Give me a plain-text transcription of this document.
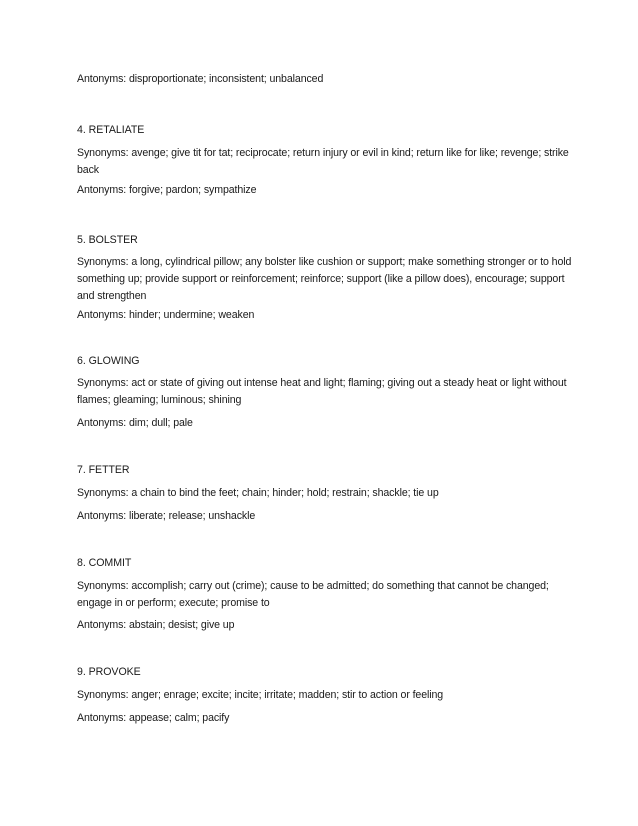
Antonyms: disproportionate; inconsistent; unbalanced

4. RETALIATE

Synonyms: avenge; give tit for tat; reciprocate; return injury or evil in kind; return like for like; revenge; strike back

Antonyms: forgive; pardon; sympathize

5. BOLSTER

Synonyms: a long, cylindrical pillow; any bolster like cushion or support; make something stronger or to hold something up; provide support or reinforcement; reinforce; support (like a pillow does), encourage; support and strengthen

Antonyms: hinder; undermine; weaken

6. GLOWING

Synonyms: act or state of giving out intense heat and light; flaming; giving out a steady heat or light without flames; gleaming; luminous; shining

Antonyms: dim; dull; pale

7. FETTER

Synonyms: a chain to bind the feet; chain; hinder; hold; restrain; shackle; tie up

Antonyms: liberate; release; unshackle

8. COMMIT

Synonyms: accomplish; carry out (crime); cause to be admitted; do something that cannot be changed; engage in or perform; execute; promise to

Antonyms: abstain; desist; give up

9. PROVOKE

Synonyms: anger; enrage; excite; incite; irritate; madden; stir to action or feeling

Antonyms: appease; calm; pacify
